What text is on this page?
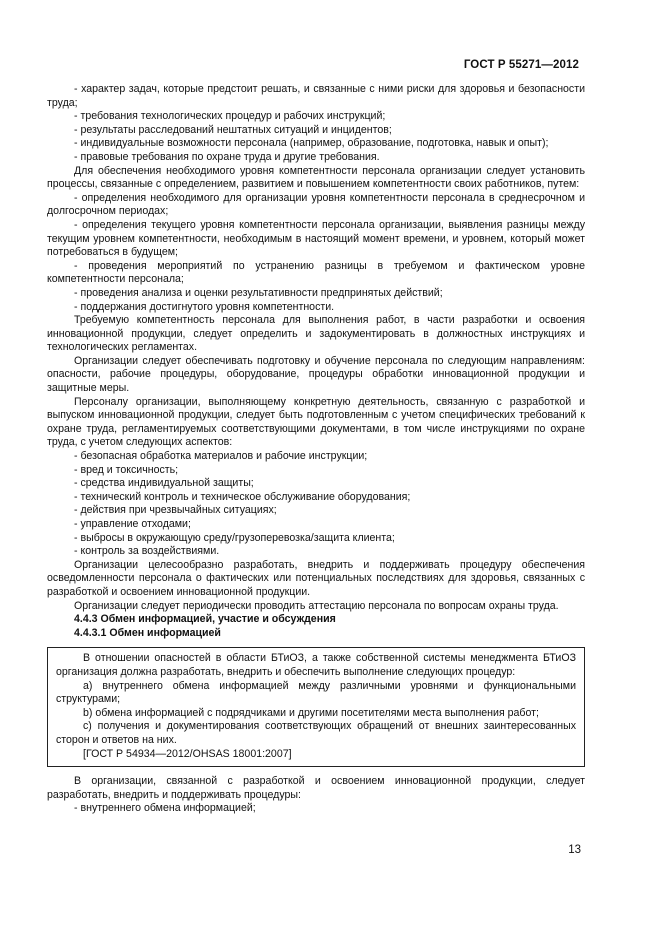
ГОСТ Р 55271—2012

- характер задач, которые предстоит решать, и связанные с ними риски для здоровья и безопасности труда;

- требования технологических процедур и рабочих инструкций;

- результаты расследований нештатных ситуаций и инцидентов;

- индивидуальные возможности персонала (например, образование, подготовка, навык и опыт);

- правовые требования по охране труда и другие требования.

Для обеспечения необходимого уровня компетентности персонала организации следует установить процессы, связанные с определением, развитием и повышением компетентности своих работников, путем:

- определения необходимого для организации уровня компетентности персонала в среднесрочном и долгосрочном периодах;

- определения текущего уровня компетентности персонала организации, выявления разницы между текущим уровнем компетентности, необходимым в настоящий момент времени, и уровнем, который может потребоваться в будущем;

- проведения мероприятий по устранению разницы в требуемом и фактическом уровне компетентности персонала;

- проведения анализа и оценки результативности предпринятых действий;

- поддержания достигнутого уровня компетентности.

Требуемую компетентность персонала для выполнения работ, в части разработки и освоения инновационной продукции, следует определить и задокументировать в должностных инструкциях и технологических регламентах.

Организации следует обеспечивать подготовку и обучение персонала по следующим направлениям: опасности, рабочие процедуры, оборудование, процедуры обработки инновационной продукции и защитные меры.

Персоналу организации, выполняющему конкретную деятельность, связанную с разработкой и выпуском инновационной продукции, следует быть подготовленным с учетом специфических требований к охране труда, регламентируемых соответствующими документами, в том числе инструкциями по охране труда, с учетом следующих аспектов:

- безопасная обработка материалов и рабочие инструкции;

- вред и токсичность;

- средства индивидуальной защиты;

- технический контроль и техническое обслуживание оборудования;

- действия при чрезвычайных ситуациях;

- управление отходами;

- выбросы в окружающую среду/грузоперевозка/защита клиента;

- контроль за воздействиями.

Организации целесообразно разработать, внедрить и поддерживать процедуру обеспечения осведомленности персонала о фактических или потенциальных последствиях для здоровья, связанных с разработкой и освоением инновационной продукции.

Организации следует периодически проводить аттестацию персонала по вопросам охраны труда.

4.4.3 Обмен информацией, участие и обсуждения

4.4.3.1 Обмен информацией

В отношении опасностей в области БТиОЗ, а также собственной системы менеджмента БТиОЗ организация должна разработать, внедрить и обеспечить выполнение следующих процедур:

а) внутреннего обмена информацией между различными уровнями и функциональными структурами;

b) обмена информацией с подрядчиками и другими посетителями места выполнения работ;

с) получения и документирования соответствующих обращений от внешних заинтересованных сторон и ответов на них.

[ГОСТ Р 54934—2012/OHSAS 18001:2007]

В организации, связанной с разработкой и освоением инновационной продукции, следует разработать, внедрить и поддерживать процедуры:

- внутреннего обмена информацией;

13
